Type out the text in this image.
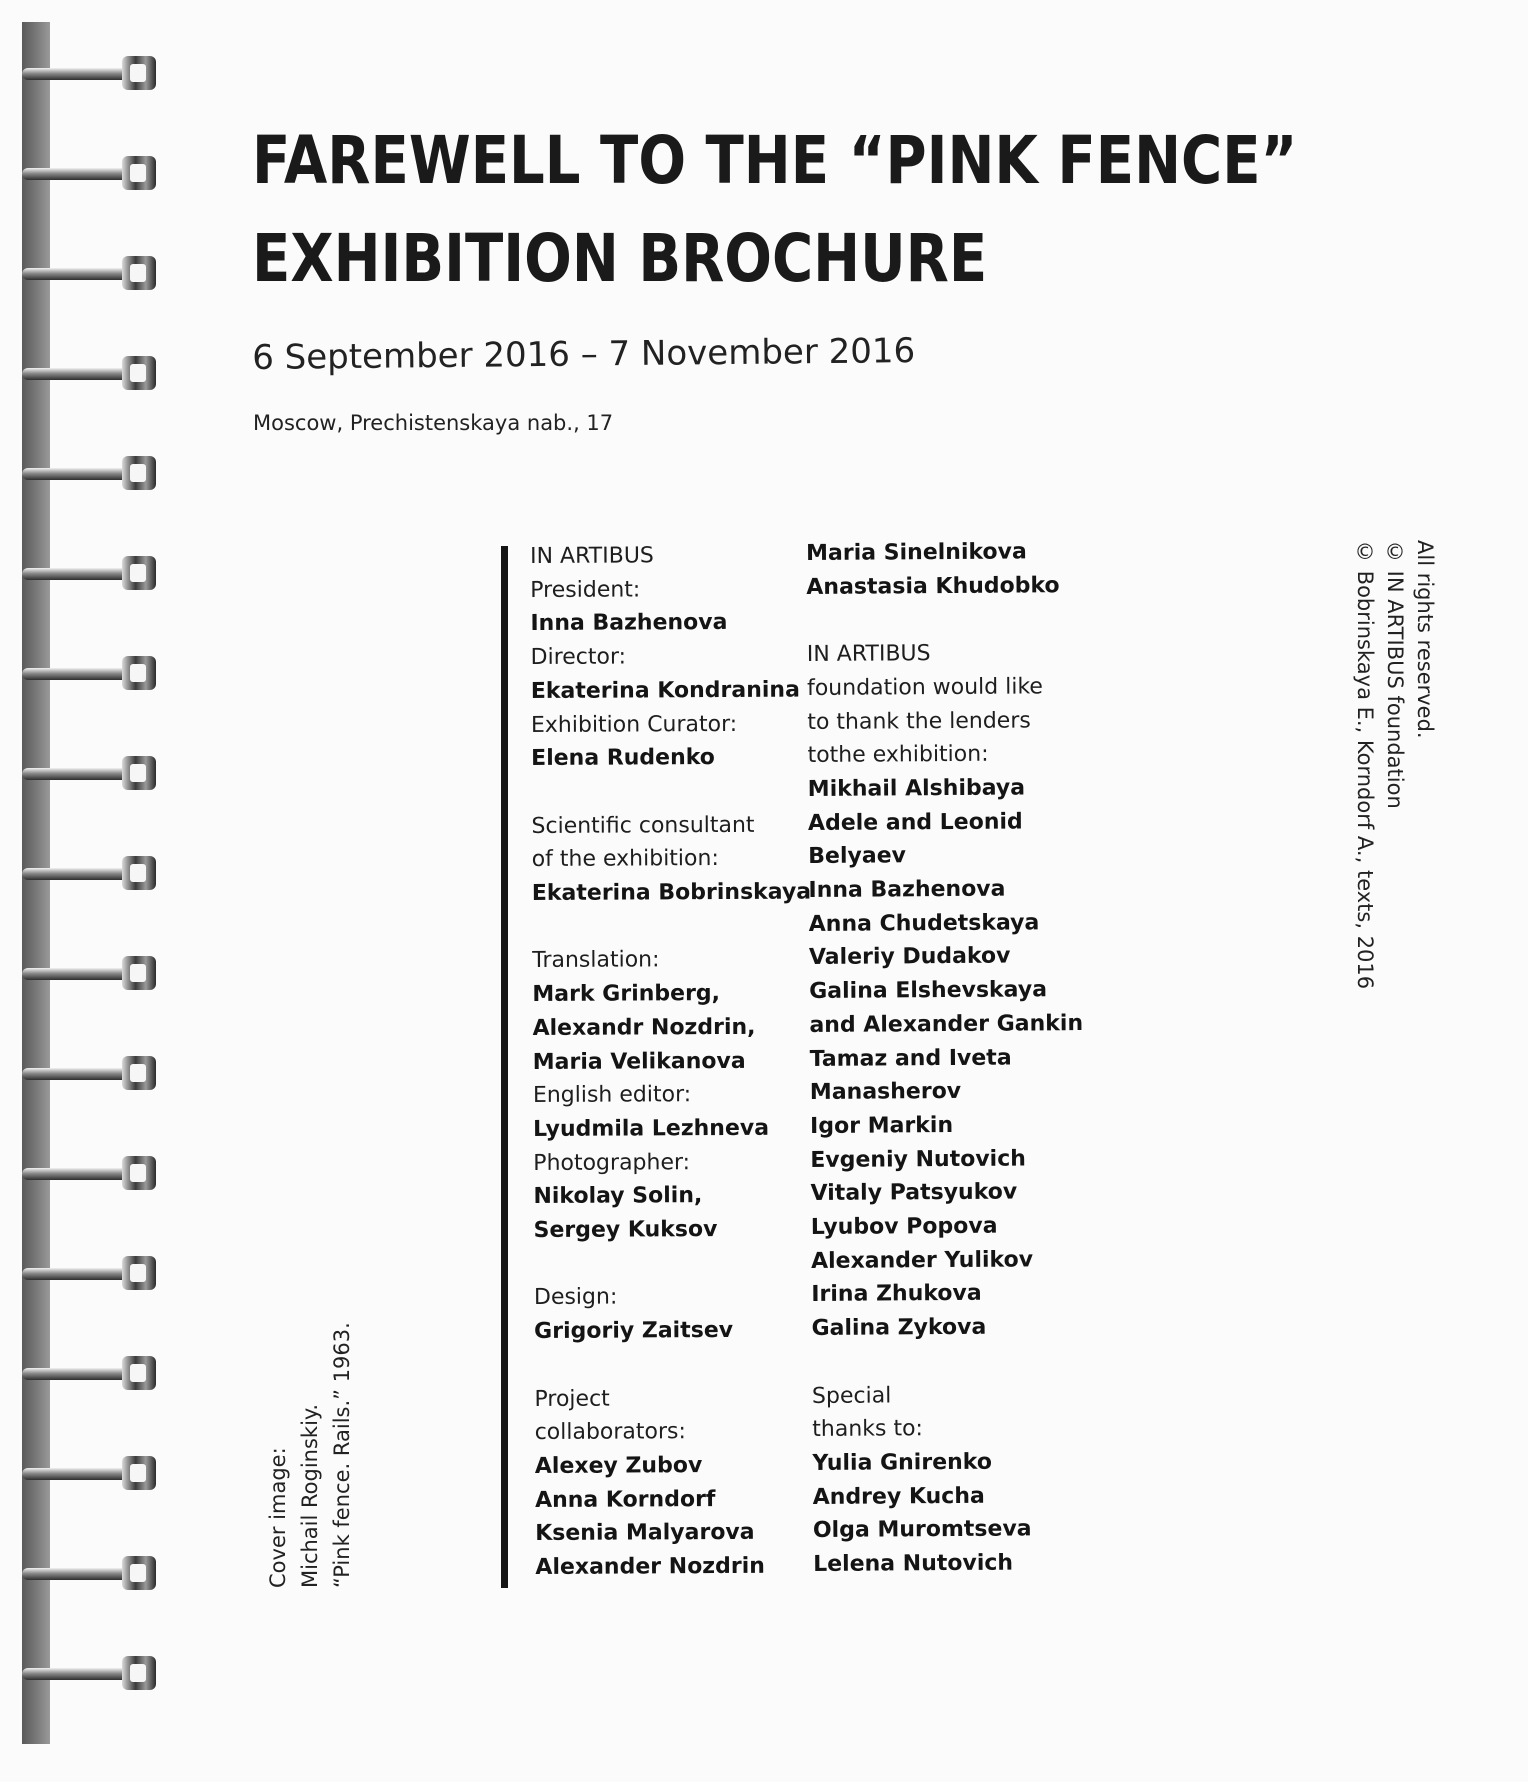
FAREWELL TO THE “PINK FENCE”
EXHIBITION BROCHURE
6 September 2016 – 7 November 2016
Moscow, Prechistenskaya nab., 17
IN ARTIBUS
President:
Inna Bazhenova
Director:
Ekaterina Kondranina
Exhibition Curator:
Elena Rudenko
Scientific consultant
of the exhibition:
Ekaterina Bobrinskaya
Translation:
Mark Grinberg,
Alexandr Nozdrin,
Maria Velikanova
English editor:
Lyudmila Lezhneva
Photographer:
Nikolay Solin,
Sergey Kuksov
Design:
Grigoriy Zaitsev
Project
collaborators:
Alexey Zubov
Anna Korndorf
Ksenia Malyarova
Alexander Nozdrin
Maria Sinelnikova
Anastasia Khudobko
IN ARTIBUS
foundation would like
to thank the lenders
tothe exhibition:
Mikhail Alshibaya
Adele and Leonid
Belyaev
Inna Bazhenova
Anna Chudetskaya
Valeriy Dudakov
Galina Elshevskaya
and Alexander Gankin
Tamaz and Iveta
Manasherov
Igor Markin
Evgeniy Nutovich
Vitaly Patsyukov
Lyubov Popova
Alexander Yulikov
Irina Zhukova
Galina Zykova
Special
thanks to:
Yulia Gnirenko
Andrey Kucha
Olga Muromtseva
Lelena Nutovich
All rights reserved.
© IN ARTIBUS foundation
© Bobrinskaya E., Korndorf A., texts, 2016
Cover image: Michail Roginskiy. “Pink fence. Rails.” 1963.
